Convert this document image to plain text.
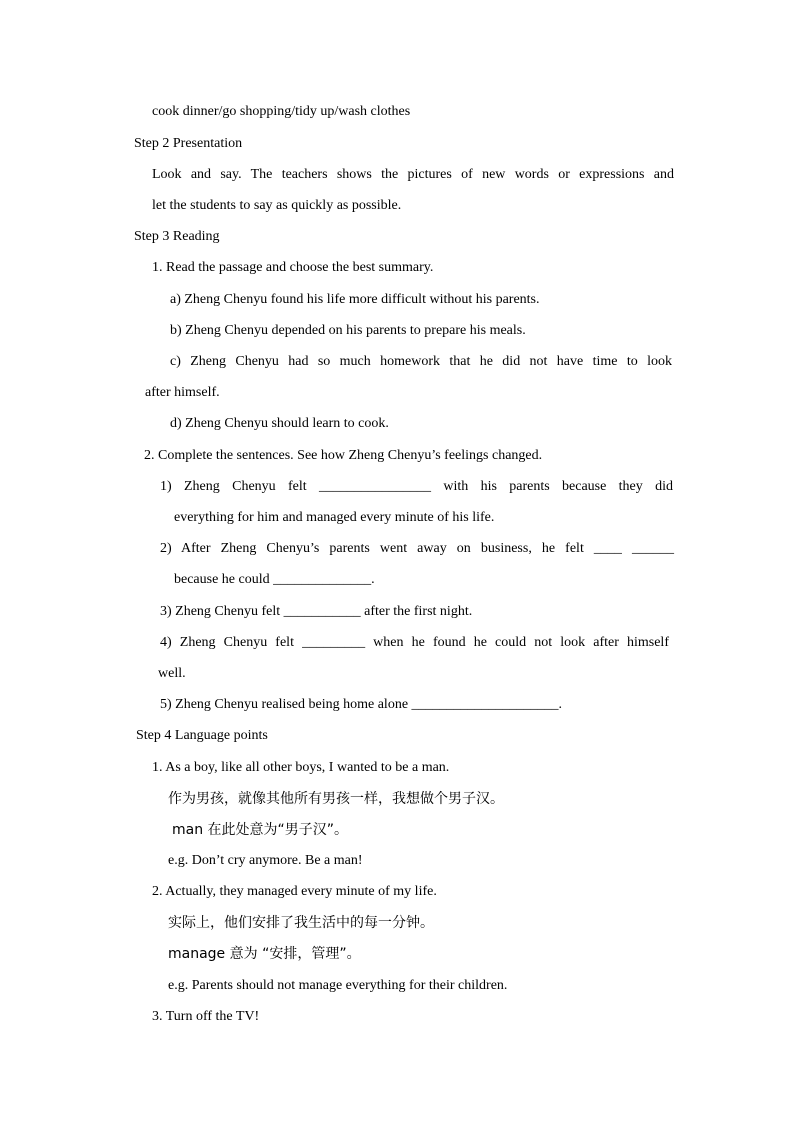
cook dinner/go shopping/tidy up/wash clothes
Step 2 Presentation
Look and say. The teachers shows the pictures of new words or expressions and
let the students to say as quickly as possible.
Step 3 Reading
1. Read the passage and choose the best summary.
a) Zheng Chenyu found his life more difficult without his parents.
b) Zheng Chenyu depended on his parents to prepare his meals.
c) Zheng Chenyu had so much homework that he did not have time to look
after himself.
d) Zheng Chenyu should learn to cook.
2. Complete the sentences. See how Zheng Chenyu’s feelings changed.
1) Zheng Chenyu felt ________________ with his parents because they did
everything for him and managed every minute of his life.
2) After Zheng Chenyu’s parents went away on business, he felt ____ ______
because he could ______________.
3) Zheng Chenyu felt ___________ after the first night.
4) Zheng Chenyu felt _________ when he found he could not look after himself
well.
5) Zheng Chenyu realised being home alone _____________________.
Step 4 Language points
1. As a boy, like all other boys, I wanted to be a man.
作为男孩，就像其他所有男孩一样，我想做个男子汉。
man 在此处意为“男子汉”。
e.g. Don’t cry anymore. Be a man!
2. Actually, they managed every minute of my life.
实际上，他们安排了我生活中的每一分钟。
manage 意为 “安排，管理”。
e.g. Parents should not manage everything for their children.
3. Turn off the TV!
